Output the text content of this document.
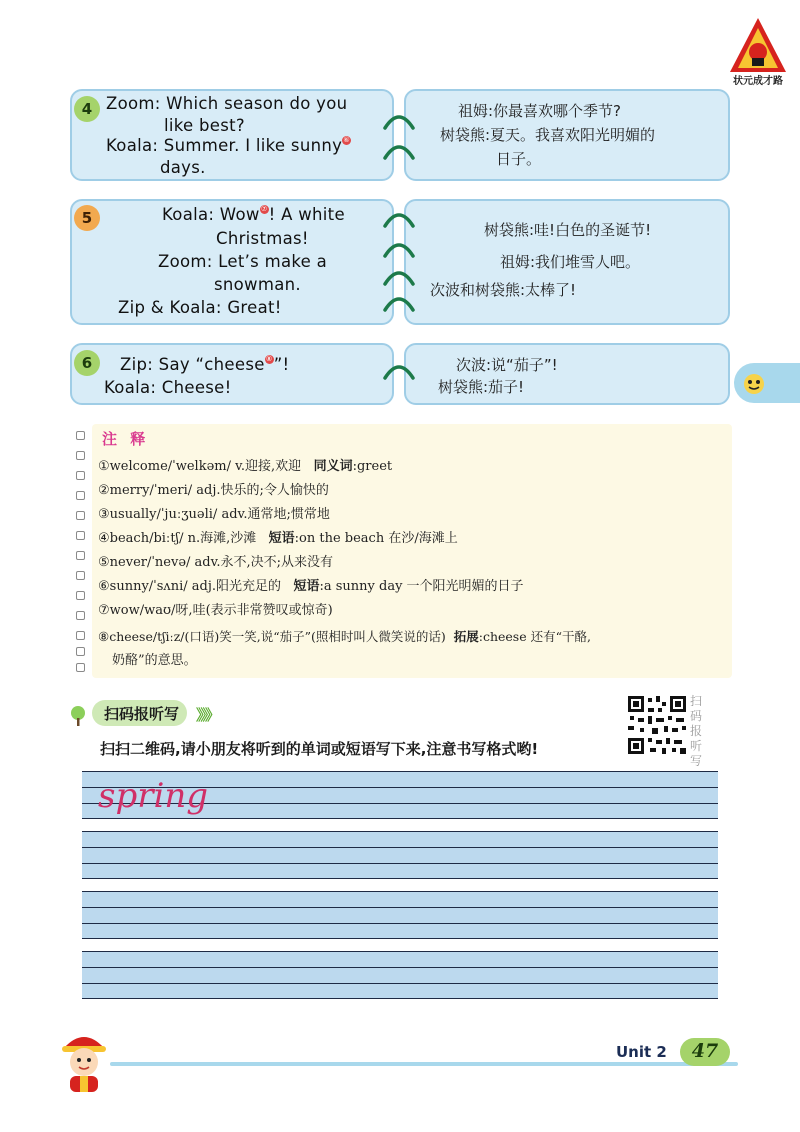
状元成才路
4 Zoom: Which season do you
like best?
Koala: Summer. I like sunny⑥
days.
祖姆:你最喜欢哪个季节?
树袋熊:夏天。我喜欢阳光明媚的
日子。
5	Koala: Wow⑦! A white
Christmas!
Zoom: Let’s make a
snowman.
Zip & Koala: Great!
树袋熊:哇!白色的圣诞节!
祖姆:我们堆雪人吧。
次波和树袋熊:太棒了!
6	Zip: Say “cheese⑧”!
Koala: Cheese!
次波:说“茄子”!
树袋熊:茄子!
注 释
①welcome/ˈwelkəm/ v.迎接,欢迎 同义词:greet
②merry/ˈmeri/ adj.快乐的;令人愉快的
③usually/ˈjuːʒuəli/ adv.通常地;惯常地
④beach/biːtʃ/ n.海滩,沙滩 短语:on the beach 在沙/海滩上
⑤never/ˈnevə/ adv.永不,决不;从来没有
⑥sunny/ˈsʌni/ adj.阳光充足的 短语:a sunny day 一个阳光明媚的日子
⑦wow/waʊ/呀,哇(表示非常赞叹或惊奇)
⑧cheese/tʃiːz/(口语)笑一笑,说“茄子”(照相时叫人微笑说的话) 拓展:cheese 还有“干酪,
奶酪”的意思。
扫码报听写	》》》
扫扫二维码,请小朋友将听到的单词或短语写下来,注意书写格式哟!
扫码报听写
spring
Unit 2	47
